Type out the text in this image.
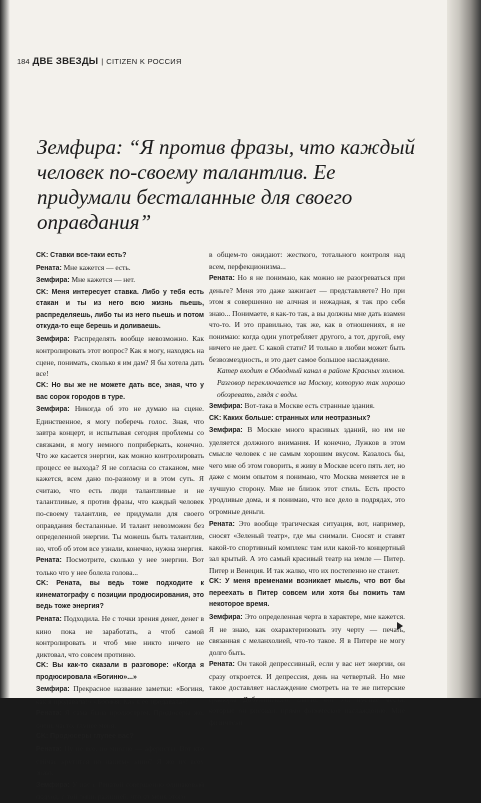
184 ДВЕ ЗВЕЗДЫ | CITIZEN K РОССИЯ
Земфира: “Я против фразы, что каждый человек по-своему талантлив. Ее придумали бесталанные для своего оправдания”

CK: Ставки все-таки есть?

Рената: Мне кажется — есть.

Земфира: Мне кажется — нет.

CK: Меня интересует ставка. Либо у тебя есть стакан и ты из него всю жизнь пьешь, распределяешь, либо ты из него пьешь и потом откуда-то еще берешь и доливаешь.

Земфира: Распределять вообще невозможно. Как контролировать этот вопрос? Как я могу, находясь на сцене, понимать, сколько я им дам? Я бы хотела дать все!

CK: Но вы же не можете дать все, зная, что у вас сорок городов в туре.

Земфира: Никогда об это не думаю на сцене. Единственное, я могу поберечь голос. Зная, что завтра концерт, и испытывая сегодня проблемы со связками, я могу немного поприберкать, конечно. Что же касается энергии, как можно контролировать процесс ее выхода? Я не согласна со стаканом, мне кажется, всем дано по-разному и в этом суть. Я считаю, что есть люди талантливые и не талантливые, я против фразы, что каждый человек по-своему талантлив, ее придумали для своего оправдания бесталанные. И талант невозможен без определенной энергии. Ты можешь быть талантлив, но, чтоб об этом все узнали, конечно, нужна энергия.

Рената: Посмотрите, сколько у нее энергии. Вот только что у нее болела голова...

CK: Рената, вы ведь тоже подходите к кинематографу с позиции продюсирования, это ведь тоже энергия?

Рената: Подходила. Не с точки зрения денег, денег в кино пока не заработать, а чтоб самой контролировать и чтоб мне никто ничего не диктовал, что совсем противно.

CK: Вы как-то сказали в разговоре: «Когда я продюсировала «Богиню»...»

Земфира: Прекрасное название заметки: «Богиня, как я продавала!» «Богиня. Как я ее продавала»!

Рената: Я сама была продюсером. Продюсеры же, очень часто, глупее меня.

CK: Продюсеры глупее вас?

Рената: Ну не все, но многие — аферисты. Вот кто сейчас крутится по нашему кино? Я же их всех знаю.

Земфира: У нас с Ренатой совершенно одинаковый подход, с той лишь разницей, что от меня этого

в общем-то ожидают: жесткого, тотального контроля над всем, перфекционизма...

Рената: Но я не понимаю, как можно не разогреваться при деньге? Меня это даже зажигает — представляете? Но при этом я совершенно не алчная и нежадная, я так про себя знаю... Понимаете, я как-то так, а вы должны мне дать взамен что-то. И это правильно, так же, как в отношениях, я не понимаю: когда один употребляет другого, а тот, другой, ему ничего не дает. С какой стати? И только в любви может быть безвозмездность, и это дает самое большое наслаждение.

Катер входит в Обводный канал в районе Красных холмов. Разговор переключается на Москву, которую так хорошо обозревать, глядя с воды.

Земфира: Вот-така в Москве есть странные здания.

CK: Каких больше: странных или неотразных?

Земфира: В Москве много красивых зданий, но им не уделяется должного внимания. И конечно, Лужков в этом смысле человек с не самым хорошим вкусом. Казалось бы, чего мне об этом говорить, я живу в Москве всего пять лет, но даже с моим опытом я понимаю, что Москва меняется не в лучшую сторону. Мне не близок этот стиль. Есть просто уродливые дома, и я понимаю, что все дело в подрядах, это огромные деньги.

Рената: Это вообще трагическая ситуация, вот, например, сносят «Зеленый театр», где мы снимали. Сносят и ставят какой-то спортивный комплекс там или какой-то концертный зал крытый. А это самый красивый театр на земле — Питер. Питер и Венеция. И так жалко, что их постепенно не станет.

CK: У меня временами возникает мысль, что вот бы переехать в Питер совсем или хотя бы пожить там некоторое время.

Земфира: Это определенная черта в характере, мне кажется. Я не знаю, как охарактеризовать эту черту — печать, связанная с меланхолией, что-то такое. Я в Питере не могу долго быть.

Рената: Он такой депрессивный, если у вас нет энергии, он сразу откроется. И депрессия, день на четвертый. Но мне такое доставляет наслаждение смотреть на те же питерские гравюры Добужинского, знаете, вот эти пустые места, которые он рисовал, прямо физическое наслаждение. Мне физически
